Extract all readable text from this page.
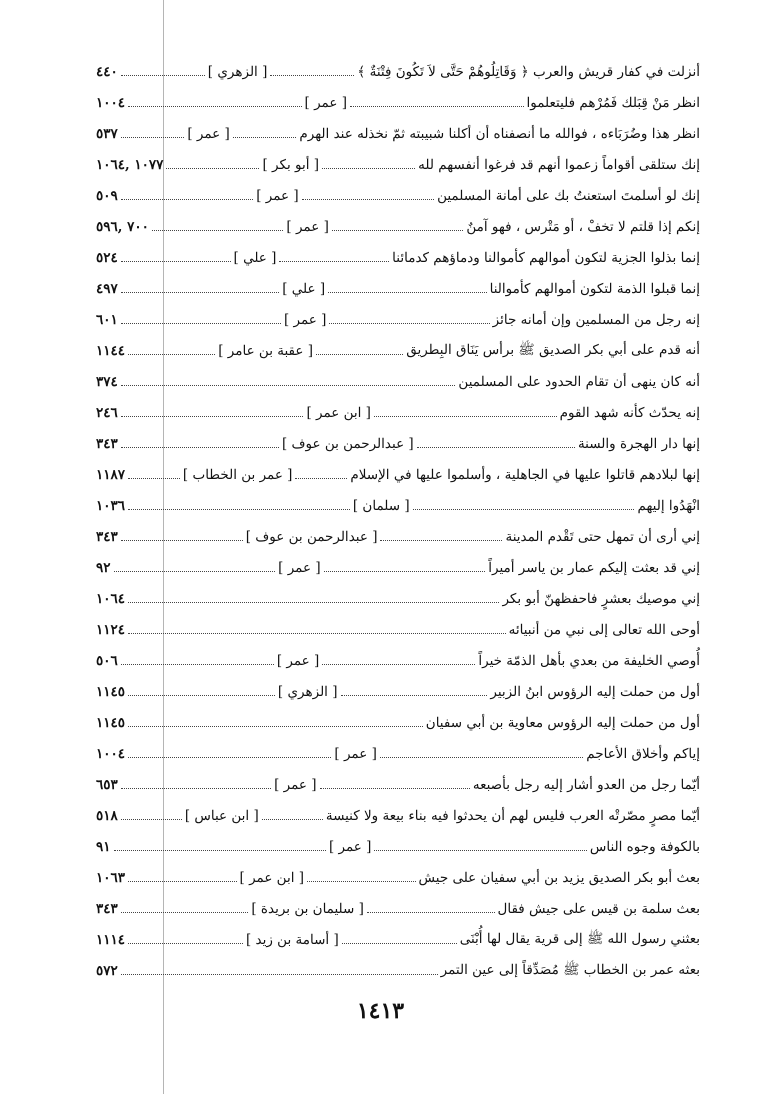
أنزلت في كفار قريش والعرب ﴿ وَقَاتِلُوهُمْ حَتَّى لاَ تَكُونَ فِتْنَةٌ ﴾
[ الزهري ]
٤٤٠
انظر مَنْ قِبَلك فَمُرْهم فليتعلموا
[ عمر ]
١٠٠٤
انظر هذا وضُرَبَاءه ، فوالله ما أنصفناه أن أكلنا شبيبته ثمّ نخذله عند الهرم
[ عمر ]
٥٣٧
إنك ستلقى أقواماً زعموا أنهم قد فرغوا أنفسهم لله
[ أبو بكر ]
١٠٧٧ ,١٠٦٤
إنك لو أسلمتَ استعنتُ بك على أمانة المسلمين
[ عمر ]
٥٠٩
إنكم إذا قلتم لا تخفْ ، أو مَتْرس ، فهو آمنٌ
[ عمر ]
٧٠٠ ,٥٩٦
إنما بذلوا الجزية لتكون أموالهم كأموالنا ودماؤهم كدمائنا
[ علي ]
٥٢٤
إنما قبلوا الذمة لتكون أموالهم كأموالنا
[ علي ]
٤٩٧
إنه رجل من المسلمين وإن أمانه جائز
[ عمر ]
٦٠١
أنه قدم على أبي بكر الصديق ﷺ برأس يَنَاق البِطريق
[ عقبة بن عامر ]
١١٤٤
أنه كان ينهى أن تقام الحدود على المسلمين
٣٧٤
إنه يحدّث كأنه شهد القوم
[ ابن عمر ]
٢٤٦
إنها دار الهجرة والسنة
[ عبدالرحمن بن عوف ]
٣٤٣
إنها لبلادهم قاتلوا عليها في الجاهلية ، وأسلموا عليها في الإسلام
[ عمر بن الخطاب ]
١١٨٧
انْهَدُوا إليهم
[ سلمان ]
١٠٣٦
إني أرى أن تمهل حتى تَقْدم المدينة
[ عبدالرحمن بن عوف ]
٣٤٣
إني قد بعثت إليكم عمار بن ياسر أميراً
[ عمر ]
٩٢
إني موصيك بعشرٍ فاحفظهنّ أبو بكر
١٠٦٤
أوحى الله تعالى إلى نبي من أنبيائه
١١٢٤
أُوصي الخليفة من بعدي بأهل الذمّة خيراً
[ عمر ]
٥٠٦
أول من حملت إليه الرؤوس ابنُ الزبير
[ الزهري ]
١١٤٥
أول من حملت إليه الرؤوس معاوية بن أبي سفيان
١١٤٥
إياكم وأخلاق الأعاجم
[ عمر ]
١٠٠٤
أيّما رجل من العدو أشار إليه رجل بأصبعه
[ عمر ]
٦٥٣
أيّما مصرٍ مصّرتْه العرب فليس لهم أن يحدثوا فيه بناء بيعة ولا كنيسة
[ ابن عباس ]
٥١٨
بالكوفة وجوه الناس
[ عمر ]
٩١
بعث أبو بكر الصديق يزيد بن أبي سفيان على جيش
[ ابن عمر ]
١٠٦٣
بعث سلمة بن قيس على جيش فقال
[ سليمان بن بريدة ]
٣٤٣
بعثني رسول الله ﷺ إلى قرية يقال لها أُبْنَى
[ أسامة بن زيد ]
١١١٤
بعثه عمر بن الخطاب ﷺ مُصَدِّقاً إلى عين التمر
٥٧٢
١٤١٣
